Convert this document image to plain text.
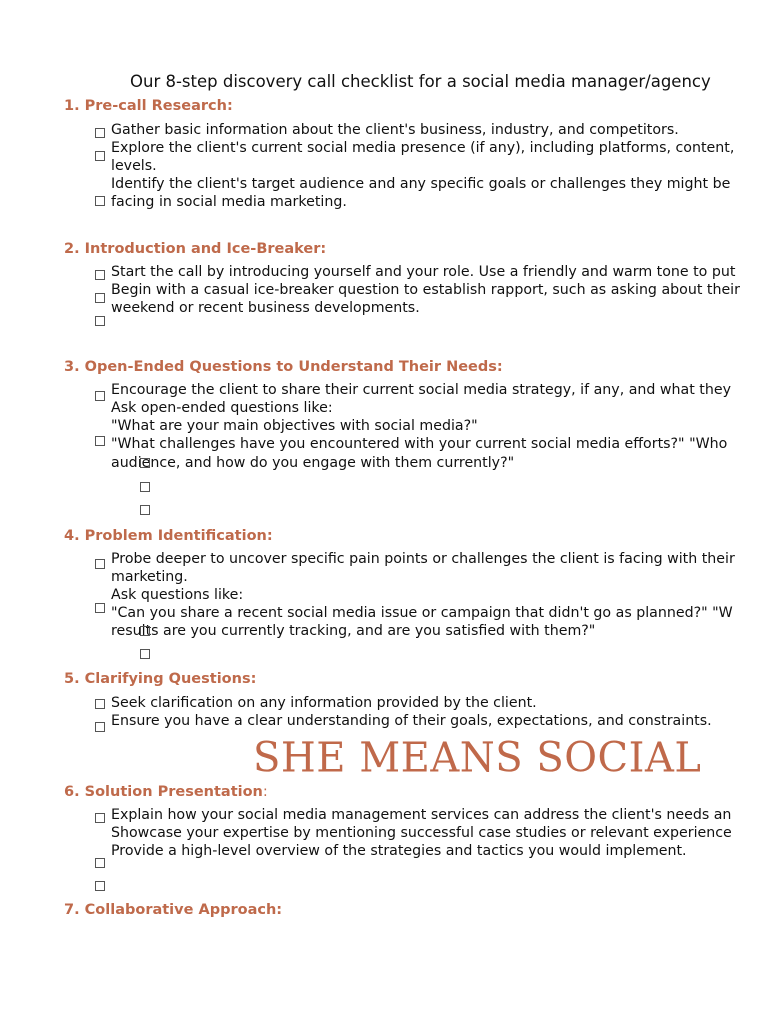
Our 8-step discovery call checklist for a social media manager/agency
1. Pre-call Research:
Gather basic information about the client's business, industry, and competitors.
Explore the client's current social media presence (if any), including platforms, content,
levels.
Identify the client's target audience and any specific goals or challenges they might be
facing in social media marketing.
2. Introduction and Ice-Breaker:
Start the call by introducing yourself and your role. Use a friendly and warm tone to put
Begin with a casual ice-breaker question to establish rapport, such as asking about their
weekend or recent business developments.
3. Open-Ended Questions to Understand Their Needs:
Encourage the client to share their current social media strategy, if any, and what they
Ask open-ended questions like:
"What are your main objectives with social media?"
"What challenges have you encountered with your current social media efforts?" "Who
audience, and how do you engage with them currently?"
4. Problem Identification:
Probe deeper to uncover specific pain points or challenges the client is facing with their
marketing.
Ask questions like:
"Can you share a recent social media issue or campaign that didn't go as planned?" "W
results are you currently tracking, and are you satisfied with them?"
5. Clarifying Questions:
Seek clarification on any information provided by the client.
Ensure you have a clear understanding of their goals, expectations, and constraints.
SHE MEANS SOCIAL
6. Solution Presentation:
Explain how your social media management services can address the client's needs an
Showcase your expertise by mentioning successful case studies or relevant experience
Provide a high-level overview of the strategies and tactics you would implement.
7. Collaborative Approach:
